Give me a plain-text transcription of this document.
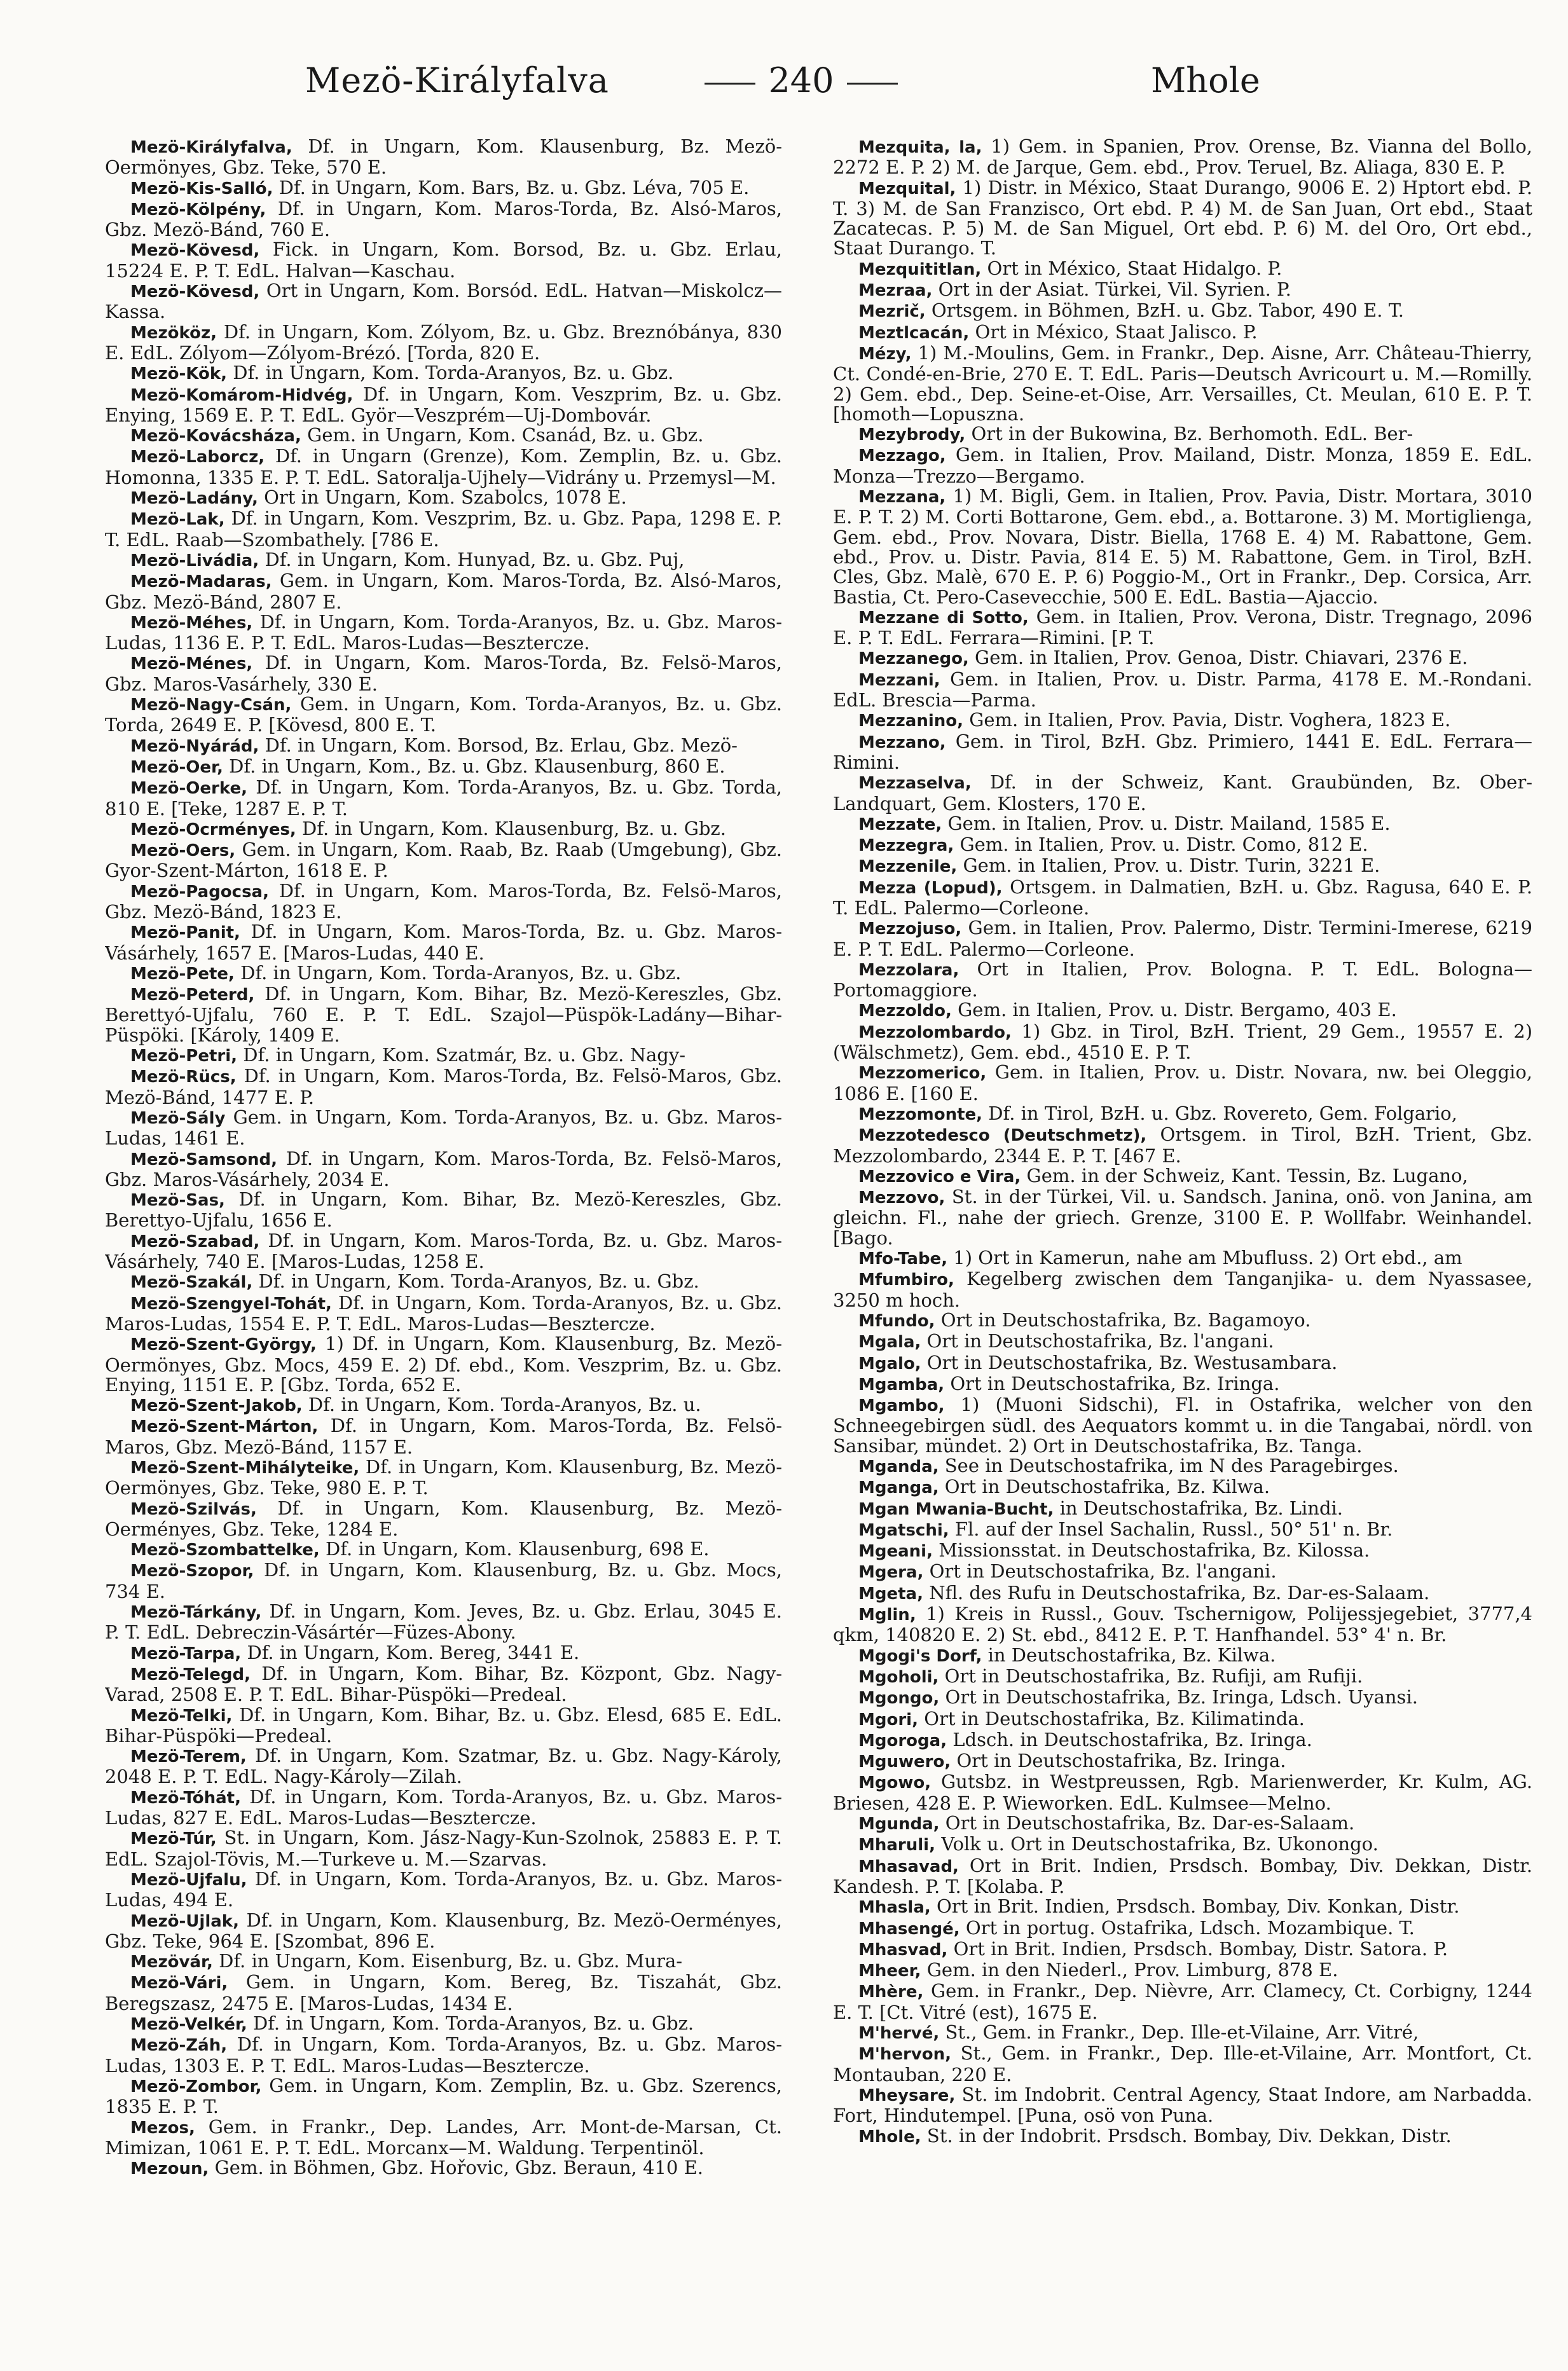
Mezö-Királyfalva	240	Mhole
Mezö-Királyfalva, Df. in Ungarn, Kom. Klausenburg, Bz. Mezö-Oermönyes, Gbz. Teke, 570 E.
Mezö-Kis-Salló, Df. in Ungarn, Kom. Bars, Bz. u. Gbz. Léva, 705 E.
Mezö-Kölpény, Df. in Ungarn, Kom. Maros-Torda, Bz. Alsó-Maros, Gbz. Mezö-Bánd, 760 E.
Mezö-Kövesd, Fick. in Ungarn, Kom. Borsod, Bz. u. Gbz. Erlau, 15224 E. P. T. EdL. Halvan—Kaschau.
Mezö-Kövesd, Ort in Ungarn, Kom. Borsód. EdL. Hatvan—Miskolcz—Kassa.
Mezököz, Df. in Ungarn, Kom. Zólyom, Bz. u. Gbz. Breznóbánya, 830 E. EdL. Zólyom—Zólyom-Brézó. [Torda, 820 E.
Mezö-Kök, Df. in Ungarn, Kom. Torda-Aranyos, Bz. u. Gbz.
Mezö-Komárom-Hidvég, Df. in Ungarn, Kom. Veszprim, Bz. u. Gbz. Enying, 1569 E. P. T. EdL. Györ—Veszprém—Uj-Dombovár.
Mezö-Kovácsháza, Gem. in Ungarn, Kom. Csanád, Bz. u. Gbz.
Mezö-Laborcz, Df. in Ungarn (Grenze), Kom. Zemplin, Bz. u. Gbz. Homonna, 1335 E. P. T. EdL. Satoralja-Ujhely—Vidrány u. Przemysl—M.
Mezö-Ladány, Ort in Ungarn, Kom. Szabolcs, 1078 E.
Mezö-Lak, Df. in Ungarn, Kom. Veszprim, Bz. u. Gbz. Papa, 1298 E. P. T. EdL. Raab—Szombathely. [786 E.
Mezö-Livádia, Df. in Ungarn, Kom. Hunyad, Bz. u. Gbz. Puj,
Mezö-Madaras, Gem. in Ungarn, Kom. Maros-Torda, Bz. Alsó-Maros, Gbz. Mezö-Bánd, 2807 E.
Mezö-Méhes, Df. in Ungarn, Kom. Torda-Aranyos, Bz. u. Gbz. Maros-Ludas, 1136 E. P. T. EdL. Maros-Ludas—Besztercze.
Mezö-Ménes, Df. in Ungarn, Kom. Maros-Torda, Bz. Felsö-Maros, Gbz. Maros-Vasárhely, 330 E.
Mezö-Nagy-Csán, Gem. in Ungarn, Kom. Torda-Aranyos, Bz. u. Gbz. Torda, 2649 E. P. [Kövesd, 800 E. T.
Mezö-Nyárád, Df. in Ungarn, Kom. Borsod, Bz. Erlau, Gbz. Mezö-
Mezö-Oer, Df. in Ungarn, Kom., Bz. u. Gbz. Klausenburg, 860 E.
Mezö-Oerke, Df. in Ungarn, Kom. Torda-Aranyos, Bz. u. Gbz. Torda, 810 E. [Teke, 1287 E. P. T.
Mezö-Ocrményes, Df. in Ungarn, Kom. Klausenburg, Bz. u. Gbz.
Mezö-Oers, Gem. in Ungarn, Kom. Raab, Bz. Raab (Umgebung), Gbz. Gyor-Szent-Márton, 1618 E. P.
Mezö-Pagocsa, Df. in Ungarn, Kom. Maros-Torda, Bz. Felsö-Maros, Gbz. Mezö-Bánd, 1823 E.
Mezö-Panit, Df. in Ungarn, Kom. Maros-Torda, Bz. u. Gbz. Maros-Vásárhely, 1657 E. [Maros-Ludas, 440 E.
Mezö-Pete, Df. in Ungarn, Kom. Torda-Aranyos, Bz. u. Gbz.
Mezö-Peterd, Df. in Ungarn, Kom. Bihar, Bz. Mezö-Kereszles, Gbz. Berettyó-Ujfalu, 760 E. P. T. EdL. Szajol—Püspök-Ladány—Bihar-Püspöki. [Károly, 1409 E.
Mezö-Petri, Df. in Ungarn, Kom. Szatmár, Bz. u. Gbz. Nagy-
Mezö-Rücs, Df. in Ungarn, Kom. Maros-Torda, Bz. Felsö-Maros, Gbz. Mezö-Bánd, 1477 E. P.
Mezö-Sály Gem. in Ungarn, Kom. Torda-Aranyos, Bz. u. Gbz. Maros-Ludas, 1461 E.
Mezö-Samsond, Df. in Ungarn, Kom. Maros-Torda, Bz. Felsö-Maros, Gbz. Maros-Vásárhely, 2034 E.
Mezö-Sas, Df. in Ungarn, Kom. Bihar, Bz. Mezö-Kereszles, Gbz. Berettyo-Ujfalu, 1656 E.
Mezö-Szabad, Df. in Ungarn, Kom. Maros-Torda, Bz. u. Gbz. Maros-Vásárhely, 740 E. [Maros-Ludas, 1258 E.
Mezö-Szakál, Df. in Ungarn, Kom. Torda-Aranyos, Bz. u. Gbz.
Mezö-Szengyel-Tohát, Df. in Ungarn, Kom. Torda-Aranyos, Bz. u. Gbz. Maros-Ludas, 1554 E. P. T. EdL. Maros-Ludas—Besztercze.
Mezö-Szent-György, 1) Df. in Ungarn, Kom. Klausenburg, Bz. Mezö-Oermönyes, Gbz. Mocs, 459 E. 2) Df. ebd., Kom. Veszprim, Bz. u. Gbz. Enying, 1151 E. P. [Gbz. Torda, 652 E.
Mezö-Szent-Jakob, Df. in Ungarn, Kom. Torda-Aranyos, Bz. u.
Mezö-Szent-Márton, Df. in Ungarn, Kom. Maros-Torda, Bz. Felsö-Maros, Gbz. Mezö-Bánd, 1157 E.
Mezö-Szent-Mihályteike, Df. in Ungarn, Kom. Klausenburg, Bz. Mezö-Oermönyes, Gbz. Teke, 980 E. P. T.
Mezö-Szilvás, Df. in Ungarn, Kom. Klausenburg, Bz. Mezö-Oerményes, Gbz. Teke, 1284 E.
Mezö-Szombattelke, Df. in Ungarn, Kom. Klausenburg, 698 E.
Mezö-Szopor, Df. in Ungarn, Kom. Klausenburg, Bz. u. Gbz. Mocs, 734 E.
Mezö-Tárkány, Df. in Ungarn, Kom. Jeves, Bz. u. Gbz. Erlau, 3045 E. P. T. EdL. Debreczin-Vásártér—Füzes-Abony.
Mezö-Tarpa, Df. in Ungarn, Kom. Bereg, 3441 E.
Mezö-Telegd, Df. in Ungarn, Kom. Bihar, Bz. Központ, Gbz. Nagy-Varad, 2508 E. P. T. EdL. Bihar-Püspöki—Predeal.
Mezö-Telki, Df. in Ungarn, Kom. Bihar, Bz. u. Gbz. Elesd, 685 E. EdL. Bihar-Püspöki—Predeal.
Mezö-Terem, Df. in Ungarn, Kom. Szatmar, Bz. u. Gbz. Nagy-Károly, 2048 E. P. T. EdL. Nagy-Károly—Zilah.
Mezö-Tóhát, Df. in Ungarn, Kom. Torda-Aranyos, Bz. u. Gbz. Maros-Ludas, 827 E. EdL. Maros-Ludas—Besztercze.
Mezö-Túr, St. in Ungarn, Kom. Jász-Nagy-Kun-Szolnok, 25883 E. P. T. EdL. Szajol-Tövis, M.—Turkeve u. M.—Szarvas.
Mezö-Ujfalu, Df. in Ungarn, Kom. Torda-Aranyos, Bz. u. Gbz. Maros-Ludas, 494 E.
Mezö-Ujlak, Df. in Ungarn, Kom. Klausenburg, Bz. Mezö-Oerményes, Gbz. Teke, 964 E. [Szombat, 896 E.
Mezövár, Df. in Ungarn, Kom. Eisenburg, Bz. u. Gbz. Mura-
Mezö-Vári, Gem. in Ungarn, Kom. Bereg, Bz. Tiszahát, Gbz. Beregszasz, 2475 E. [Maros-Ludas, 1434 E.
Mezö-Velkér, Df. in Ungarn, Kom. Torda-Aranyos, Bz. u. Gbz.
Mezö-Záh, Df. in Ungarn, Kom. Torda-Aranyos, Bz. u. Gbz. Maros-Ludas, 1303 E. P. T. EdL. Maros-Ludas—Besztercze.
Mezö-Zombor, Gem. in Ungarn, Kom. Zemplin, Bz. u. Gbz. Szerencs, 1835 E. P. T.
Mezos, Gem. in Frankr., Dep. Landes, Arr. Mont-de-Marsan, Ct. Mimizan, 1061 E. P. T. EdL. Morcanx—M. Waldung. Terpentinöl.
Mezoun, Gem. in Böhmen, Gbz. Hořovic, Gbz. Beraun, 410 E.
Mezquita, la, 1) Gem. in Spanien, Prov. Orense, Bz. Vianna del Bollo, 2272 E. P. 2) M. de Jarque, Gem. ebd., Prov. Teruel, Bz. Aliaga, 830 E. P.
Mezquital, 1) Distr. in México, Staat Durango, 9006 E. 2) Hptort ebd. P. T. 3) M. de San Franzisco, Ort ebd. P. 4) M. de San Juan, Ort ebd., Staat Zacatecas. P. 5) M. de San Miguel, Ort ebd. P. 6) M. del Oro, Ort ebd., Staat Durango. T.
Mezquititlan, Ort in México, Staat Hidalgo. P.
Mezraa, Ort in der Asiat. Türkei, Vil. Syrien. P.
Mezrič, Ortsgem. in Böhmen, BzH. u. Gbz. Tabor, 490 E. T.
Meztlcacán, Ort in México, Staat Jalisco. P.
Mézy, 1) M.-Moulins, Gem. in Frankr., Dep. Aisne, Arr. Château-Thierry, Ct. Condé-en-Brie, 270 E. T. EdL. Paris—Deutsch Avricourt u. M.—Romilly. 2) Gem. ebd., Dep. Seine-et-Oise, Arr. Versailles, Ct. Meulan, 610 E. P. T. [homoth—Lopuszna.
Mezybrody, Ort in der Bukowina, Bz. Berhomoth. EdL. Ber-
Mezzago, Gem. in Italien, Prov. Mailand, Distr. Monza, 1859 E. EdL. Monza—Trezzo—Bergamo.
Mezzana, 1) M. Bigli, Gem. in Italien, Prov. Pavia, Distr. Mortara, 3010 E. P. T. 2) M. Corti Bottarone, Gem. ebd., a. Bottarone. 3) M. Mortiglienga, Gem. ebd., Prov. Novara, Distr. Biella, 1768 E. 4) M. Rabattone, Gem. ebd., Prov. u. Distr. Pavia, 814 E. 5) M. Rabattone, Gem. in Tirol, BzH. Cles, Gbz. Malè, 670 E. P. 6) Poggio-M., Ort in Frankr., Dep. Corsica, Arr. Bastia, Ct. Pero-Casevecchie, 500 E. EdL. Bastia—Ajaccio.
Mezzane di Sotto, Gem. in Italien, Prov. Verona, Distr. Tregnago, 2096 E. P. T. EdL. Ferrara—Rimini. [P. T.
Mezzanego, Gem. in Italien, Prov. Genoa, Distr. Chiavari, 2376 E.
Mezzani, Gem. in Italien, Prov. u. Distr. Parma, 4178 E. M.-Rondani. EdL. Brescia—Parma.
Mezzanino, Gem. in Italien, Prov. Pavia, Distr. Voghera, 1823 E.
Mezzano, Gem. in Tirol, BzH. Gbz. Primiero, 1441 E. EdL. Ferrara—Rimini.
Mezzaselva, Df. in der Schweiz, Kant. Graubünden, Bz. Ober-Landquart, Gem. Klosters, 170 E.
Mezzate, Gem. in Italien, Prov. u. Distr. Mailand, 1585 E.
Mezzegra, Gem. in Italien, Prov. u. Distr. Como, 812 E.
Mezzenile, Gem. in Italien, Prov. u. Distr. Turin, 3221 E.
Mezza (Lopud), Ortsgem. in Dalmatien, BzH. u. Gbz. Ragusa, 640 E. P. T. EdL. Palermo—Corleone.
Mezzojuso, Gem. in Italien, Prov. Palermo, Distr. Termini-Imerese, 6219 E. P. T. EdL. Palermo—Corleone.
Mezzolara, Ort in Italien, Prov. Bologna. P. T. EdL. Bologna—Portomaggiore.
Mezzoldo, Gem. in Italien, Prov. u. Distr. Bergamo, 403 E.
Mezzolombardo, 1) Gbz. in Tirol, BzH. Trient, 29 Gem., 19557 E. 2) (Wälschmetz), Gem. ebd., 4510 E. P. T.
Mezzomerico, Gem. in Italien, Prov. u. Distr. Novara, nw. bei Oleggio, 1086 E. [160 E.
Mezzomonte, Df. in Tirol, BzH. u. Gbz. Rovereto, Gem. Folgario,
Mezzotedesco (Deutschmetz), Ortsgem. in Tirol, BzH. Trient, Gbz. Mezzolombardo, 2344 E. P. T. [467 E.
Mezzovico e Vira, Gem. in der Schweiz, Kant. Tessin, Bz. Lugano,
Mezzovo, St. in der Türkei, Vil. u. Sandsch. Janina, onö. von Janina, am gleichn. Fl., nahe der griech. Grenze, 3100 E. P. Wollfabr. Weinhandel. [Bago.
Mfo-Tabe, 1) Ort in Kamerun, nahe am Mbufluss. 2) Ort ebd., am
Mfumbiro, Kegelberg zwischen dem Tanganjika- u. dem Nyassasee, 3250 m hoch.
Mfundo, Ort in Deutschostafrika, Bz. Bagamoyo.
Mgala, Ort in Deutschostafrika, Bz. l'angani.
Mgalo, Ort in Deutschostafrika, Bz. Westusambara.
Mgamba, Ort in Deutschostafrika, Bz. Iringa.
Mgambo, 1) (Muoni Sidschi), Fl. in Ostafrika, welcher von den Schneegebirgen südl. des Aequators kommt u. in die Tangabai, nördl. von Sansibar, mündet. 2) Ort in Deutschostafrika, Bz. Tanga.
Mganda, See in Deutschostafrika, im N des Paragebirges.
Mganga, Ort in Deutschostafrika, Bz. Kilwa.
Mgan Mwania-Bucht, in Deutschostafrika, Bz. Lindi.
Mgatschi, Fl. auf der Insel Sachalin, Russl., 50° 51' n. Br.
Mgeani, Missionsstat. in Deutschostafrika, Bz. Kilossa.
Mgera, Ort in Deutschostafrika, Bz. l'angani.
Mgeta, Nfl. des Rufu in Deutschostafrika, Bz. Dar-es-Salaam.
Mglin, 1) Kreis in Russl., Gouv. Tschernigow, Polijessjegebiet, 3777,4 qkm, 140820 E. 2) St. ebd., 8412 E. P. T. Hanfhandel. 53° 4' n. Br.
Mgogi's Dorf, in Deutschostafrika, Bz. Kilwa.
Mgoholi, Ort in Deutschostafrika, Bz. Rufiji, am Rufiji.
Mgongo, Ort in Deutschostafrika, Bz. Iringa, Ldsch. Uyansi.
Mgori, Ort in Deutschostafrika, Bz. Kilimatinda.
Mgoroga, Ldsch. in Deutschostafrika, Bz. Iringa.
Mguwero, Ort in Deutschostafrika, Bz. Iringa.
Mgowo, Gutsbz. in Westpreussen, Rgb. Marienwerder, Kr. Kulm, AG. Briesen, 428 E. P. Wieworken. EdL. Kulmsee—Melno.
Mgunda, Ort in Deutschostafrika, Bz. Dar-es-Salaam.
Mharuli, Volk u. Ort in Deutschostafrika, Bz. Ukonongo.
Mhasavad, Ort in Brit. Indien, Prsdsch. Bombay, Div. Dekkan, Distr. Kandesh. P. T. [Kolaba. P.
Mhasla, Ort in Brit. Indien, Prsdsch. Bombay, Div. Konkan, Distr.
Mhasengé, Ort in portug. Ostafrika, Ldsch. Mozambique. T.
Mhasvad, Ort in Brit. Indien, Prsdsch. Bombay, Distr. Satora. P.
Mheer, Gem. in den Niederl., Prov. Limburg, 878 E.
Mhère, Gem. in Frankr., Dep. Nièvre, Arr. Clamecy, Ct. Corbigny, 1244 E. T. [Ct. Vitré (est), 1675 E.
M'hervé, St., Gem. in Frankr., Dep. Ille-et-Vilaine, Arr. Vitré,
M'hervon, St., Gem. in Frankr., Dep. Ille-et-Vilaine, Arr. Montfort, Ct. Montauban, 220 E.
Mheysare, St. im Indobrit. Central Agency, Staat Indore, am Narbadda. Fort, Hindutempel. [Puna, osö von Puna.
Mhole, St. in der Indobrit. Prsdsch. Bombay, Div. Dekkan, Distr.
